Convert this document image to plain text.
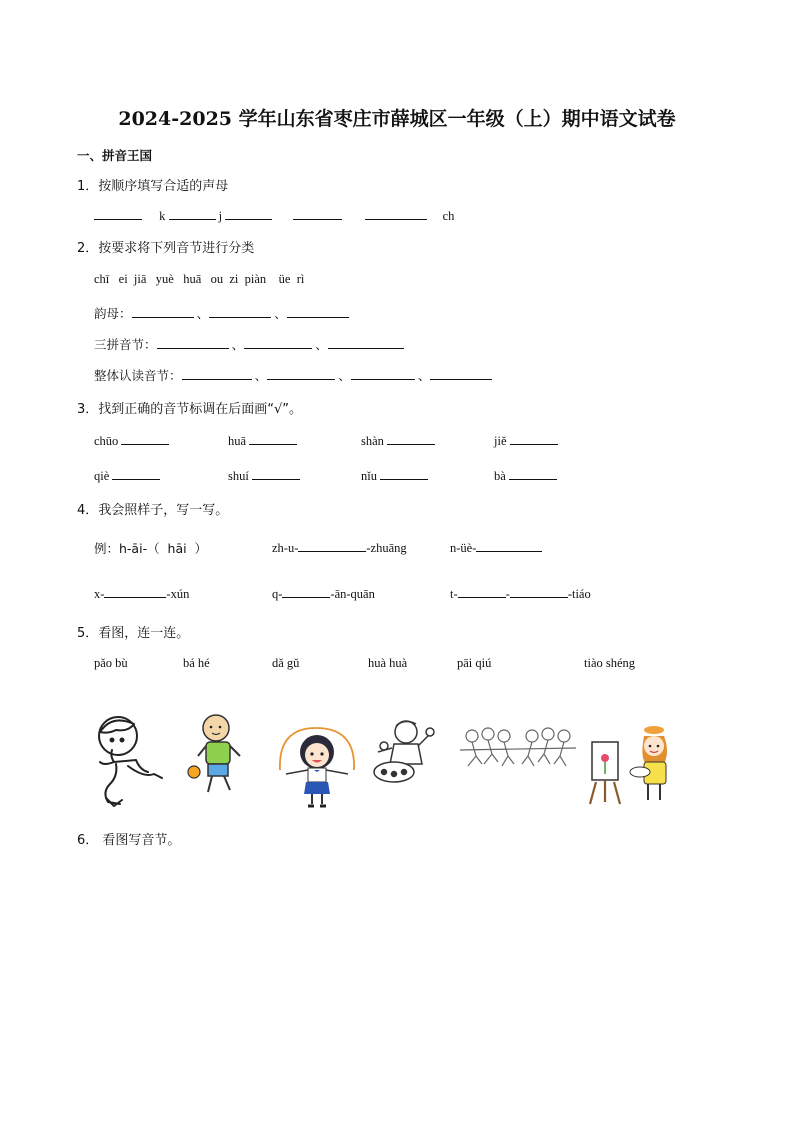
2024-2025 学年山东省枣庄市薛城区一年级（上）期中语文试卷
一、拼音王国
1．按顺序填写合适的声母
k	j	ch
2．按要求将下列音节进行分类
chī   ei  jiā   yuè   huā   ou  zi  piàn    üe  rì
韵母：	、	、
三拼音节：	、	、
整体认读音节：	、	、	、
3．找到正确的音节标调在后面画“√”。
chūo	huā	shàn	jiě
qiè	shuí	nǐu	bà
4．我会照样子，写一写。
例：h-āi-（  hāi  ）	zh-u-	-zhuāng	n-üè-
x-	-xún	q-	-ān-quān	t-	-	-tiáo
5．看图，连一连。
pǎo bù	bá hé	dǎ gǔ	huà huà	pāi qiú	tiào shéng
6． 看图写音节。
